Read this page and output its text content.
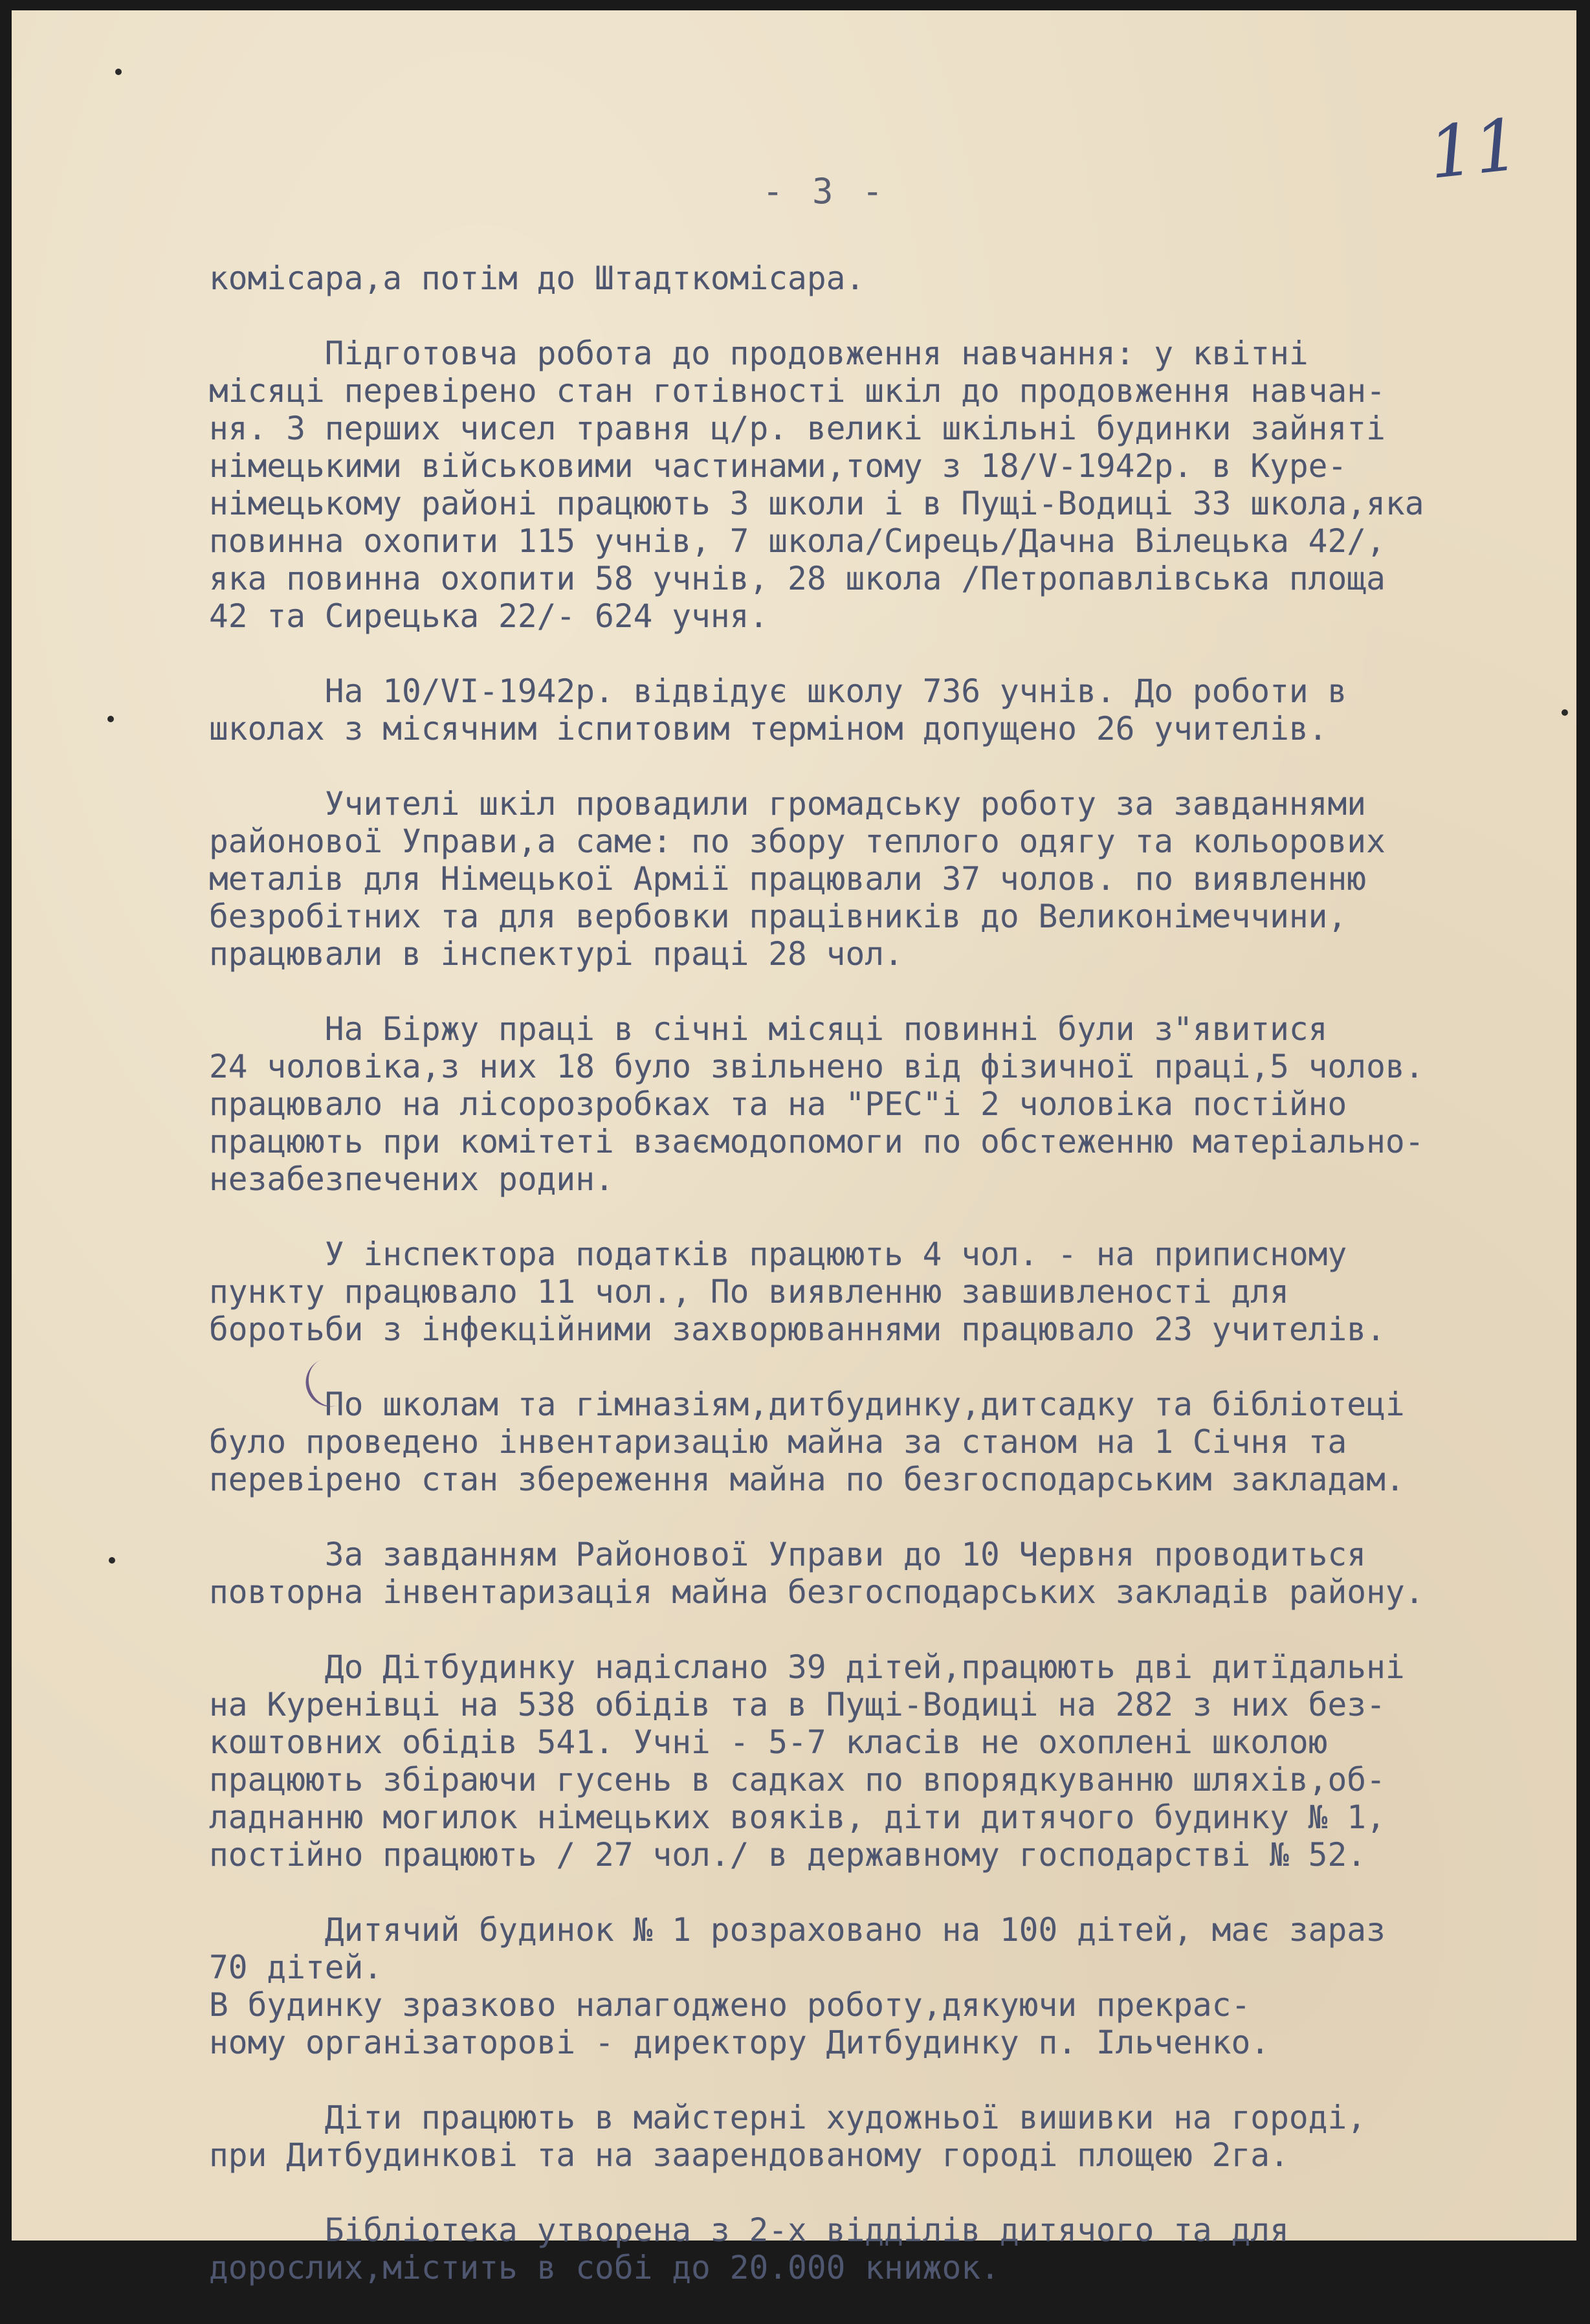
- 3 -	11
комісара,а потім до Штадткомісара.
Підготовча робота до продовження навчання: у квітні
місяці перевірено стан готівності шкіл до продовження навчан-
ня. З перших чисел травня ц/р. великі шкільні будинки зайняті
німецькими військовими частинами,тому з 18/V-1942р. в Куре-
німецькому районі працюють 3 школи і в Пущі-Водиці 33 школа,яка
повинна охопити 115 учнів, 7 школа/Сирець/Дачна Вілецька 42/,
яка повинна охопити 58 учнів, 28 школа /Петропавлівська площа
42 та Сирецька 22/- 624 учня.
На 10/VI-1942р. відвідує школу 736 учнів. До роботи в
школах з місячним іспитовим терміном допущено 26 учителів.
Учителі шкіл провадили громадську роботу за завданнями
районової Управи,а саме: по збору теплого одягу та кольорових
металів для Німецької Армії працювали 37 чолов. по виявленню
безробітних та для вербовки працівників до Великонімеччини,
працювали в інспектурі праці 28 чол.
На Біржу праці в січні місяці повинні були з"явитися
24 чоловіка,з них 18 було звільнено від фізичної праці,5 чолов.
працювало на лісорозробках та на "РЕС"і 2 чоловіка постійно
працюють при комітеті взаємодопомоги по обстеженню матеріально-
незабезпечених родин.
У інспектора податків працюють 4 чол. - на приписному
пункту працювало 11 чол., По виявленню завшивленості для
боротьби з інфекційними захворюваннями працювало 23 учителів.
По школам та гімназіям,дитбудинку,дитсадку та бібліотеці
було проведено інвентаризацію майна за станом на 1 Січня та
перевірено стан збереження майна по безгосподарським закладам.
За завданням Районової Управи до 10 Червня проводиться
повторна інвентаризація майна безгосподарських закладів району.
До Дітбудинку надіслано 39 дітей,працюють дві дитїдальні
на Куренівці на 538 обідів та в Пущі-Водиці на 282 з них без-
коштовних обідів 541. Учні - 5-7 класів не охоплені школою
працюють збіраючи гусень в садках по впорядкуванню шляхів,об-
ладнанню могилок німецьких вояків, діти дитячого будинку № 1,
постійно працюють / 27 чол./ в державному господарстві № 52.
Дитячий будинок № 1 розраховано на 100 дітей, має зараз
70 дітей.
В будинку зразково налагоджено роботу,дякуючи прекрас-
ному організаторові - директору Дитбудинку п. Ільченко.
Діти працюють в майстерні художньої вишивки на городі,
при Дитбудинкові та на заарендованому городі площею 2га.
Бібліотека утворена з 2-х відділів дитячого та для
дорослих,містить в собі до 20.000 книжок.
